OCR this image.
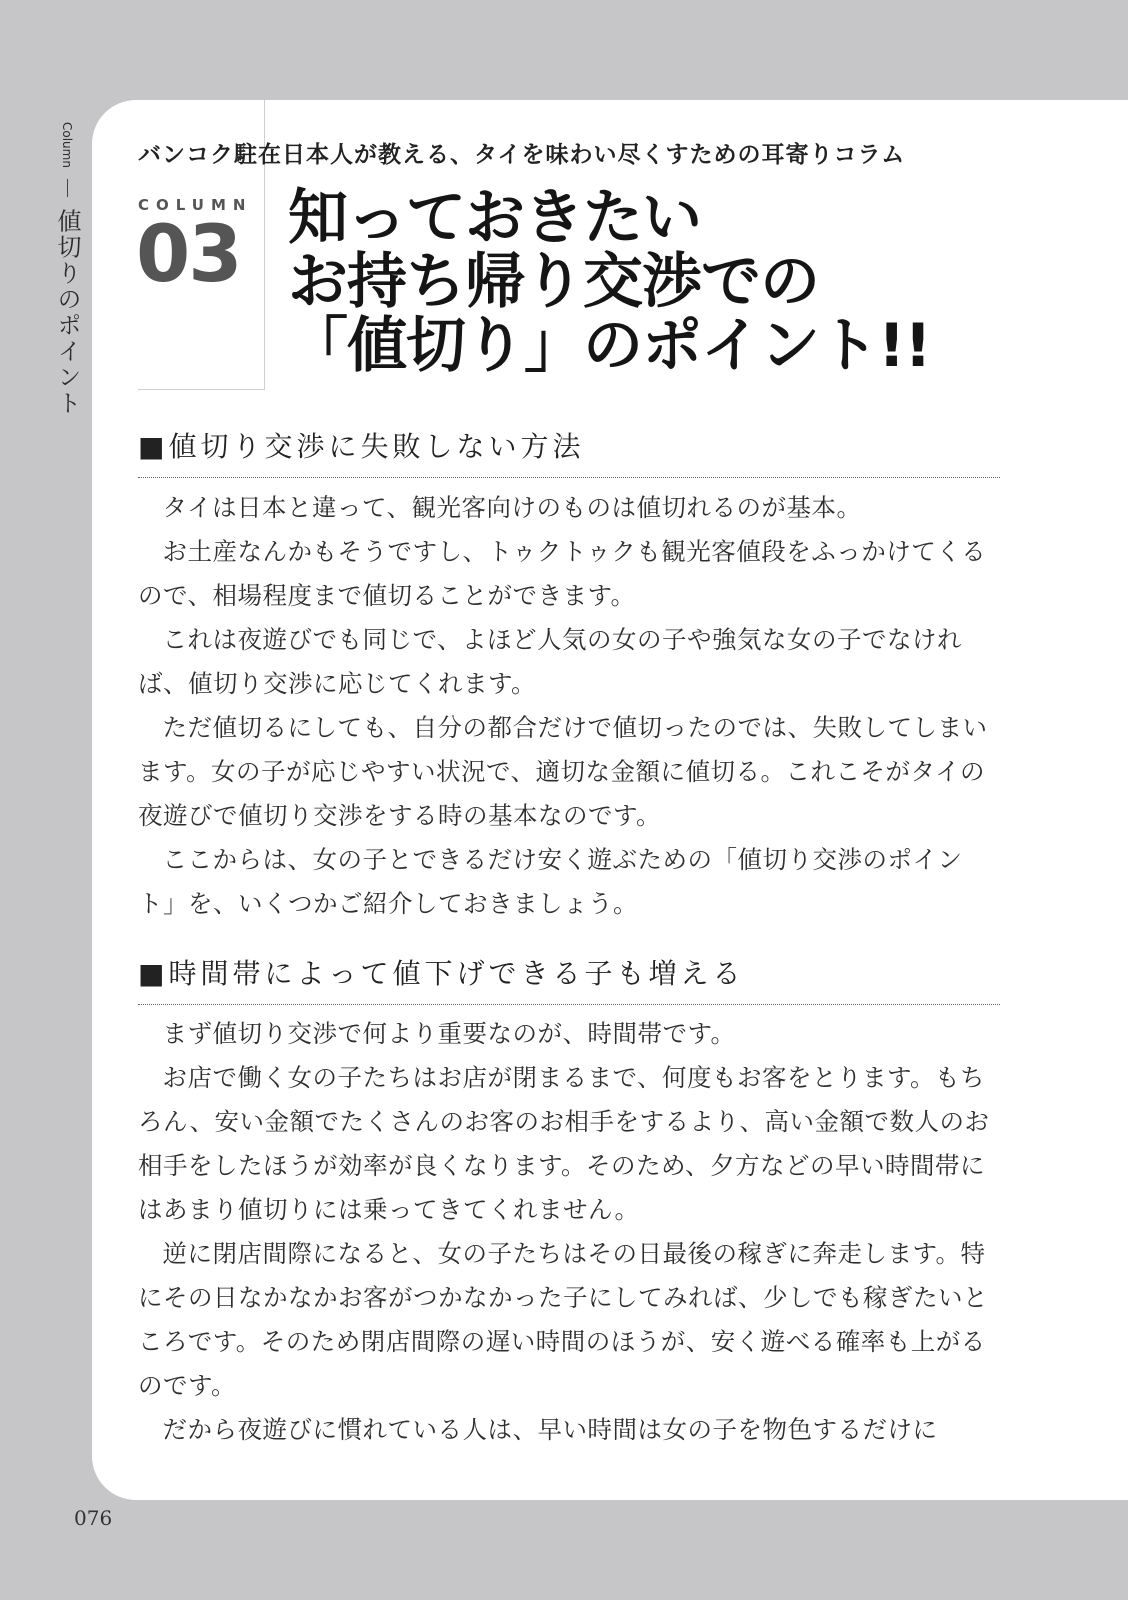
Column  値切りのポイント
バンコク駐在日本人が教える、タイを味わい尽くすための耳寄りコラム
COLUMN
03 知っておきたい
お持ち帰り交渉での
「値切り」のポイント!!
■値切り交渉に失敗しない方法

タイは日本と違って、観光客向けのものは値切れるのが基本。

お土産なんかもそうですし、トゥクトゥクも観光客値段をふっかけてくるので、相場程度まで値切ることができます。

これは夜遊びでも同じで、よほど人気の女の子や強気な女の子でなければ、値切り交渉に応じてくれます。

ただ値切るにしても、自分の都合だけで値切ったのでは、失敗してしまいます。女の子が応じやすい状況で、適切な金額に値切る。これこそがタイの夜遊びで値切り交渉をする時の基本なのです。

ここからは、女の子とできるだけ安く遊ぶための「値切り交渉のポイント」を、いくつかご紹介しておきましょう。

■時間帯によって値下げできる子も増える

まず値切り交渉で何より重要なのが、時間帯です。

お店で働く女の子たちはお店が閉まるまで、何度もお客をとります。もちろん、安い金額でたくさんのお客のお相手をするより、高い金額で数人のお相手をしたほうが効率が良くなります。そのため、夕方などの早い時間帯にはあまり値切りには乗ってきてくれません。

逆に閉店間際になると、女の子たちはその日最後の稼ぎに奔走します。特にその日なかなかお客がつかなかった子にしてみれば、少しでも稼ぎたいところです。そのため閉店間際の遅い時間のほうが、安く遊べる確率も上がるのです。

だから夜遊びに慣れている人は、早い時間は女の子を物色するだけに

076
